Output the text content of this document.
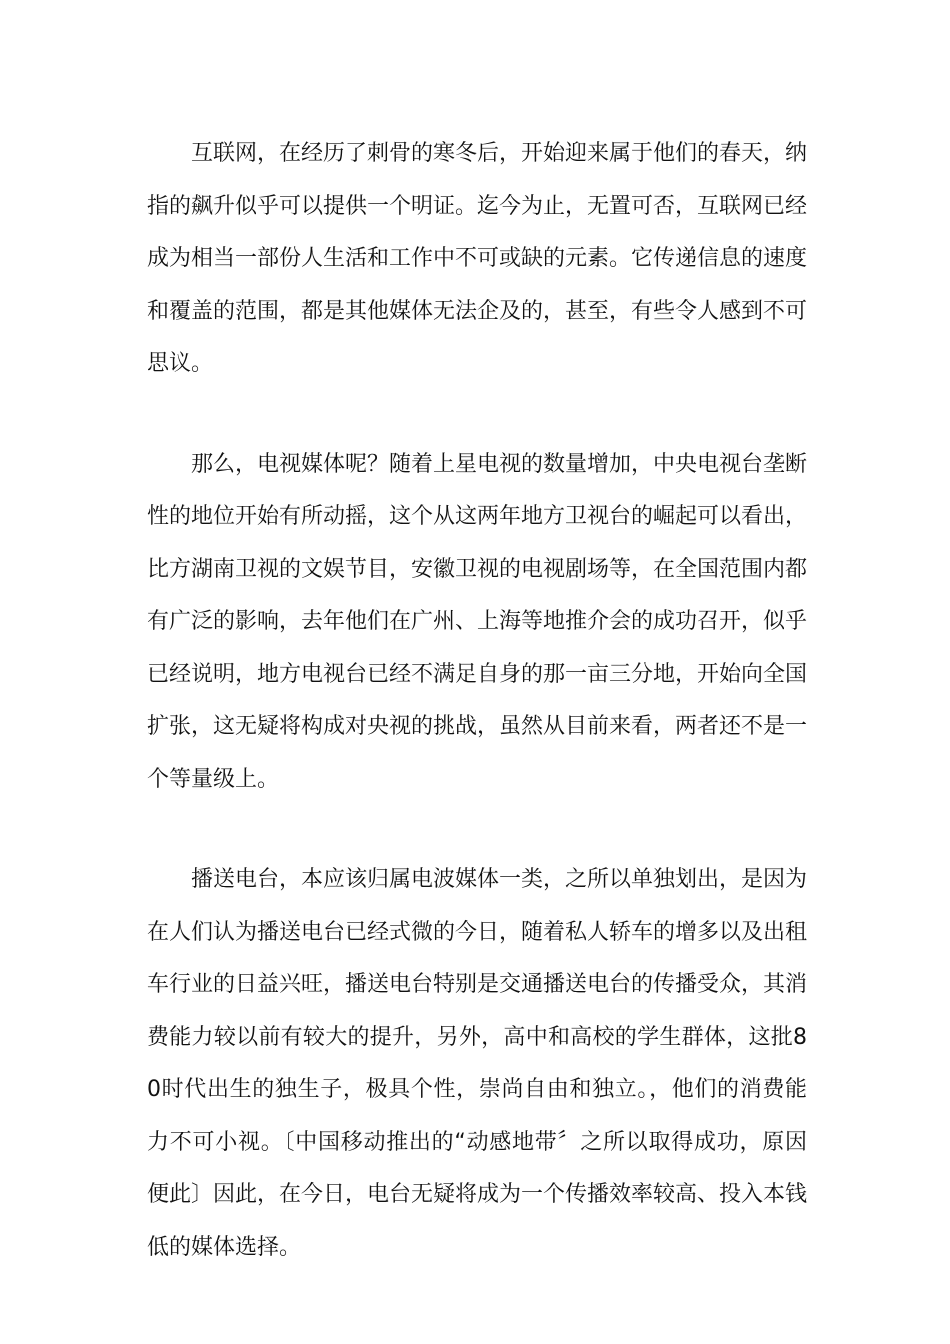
互联网，在经历了刺骨的寒冬后，开始迎来属于他们的春天，纳指的飙升似乎可以提供一个明证。迄今为止，无置可否，互联网已经成为相当一部份人生活和工作中不可或缺的元素。它传递信息的速度和覆盖的范围，都是其他媒体无法企及的，甚至，有些令人感到不可思议。

那么，电视媒体呢？随着上星电视的数量增加，中央电视台垄断性的地位开始有所动摇，这个从这两年地方卫视台的崛起可以看出，比方湖南卫视的文娱节目，安徽卫视的电视剧场等，在全国范围内都有广泛的影响，去年他们在广州、上海等地推介会的成功召开，似乎已经说明，地方电视台已经不满足自身的那一亩三分地，开始向全国扩张，这无疑将构成对央视的挑战，虽然从目前来看，两者还不是一个等量级上。

播送电台，本应该归属电波媒体一类，之所以单独划出，是因为在人们认为播送电台已经式微的今日，随着私人轿车的增多以及出租车行业的日益兴旺，播送电台特别是交通播送电台的传播受众，其消费能力较以前有较大的提升，另外，高中和高校的学生群体，这批80时代出生的独生子，极具个性，崇尚自由和独立。，他们的消费能力不可小视。〔中国移动推出的“动感地带〞之所以取得成功，原因便此〕因此，在今日，电台无疑将成为一个传播效率较高、投入本钱低的媒体选择。
